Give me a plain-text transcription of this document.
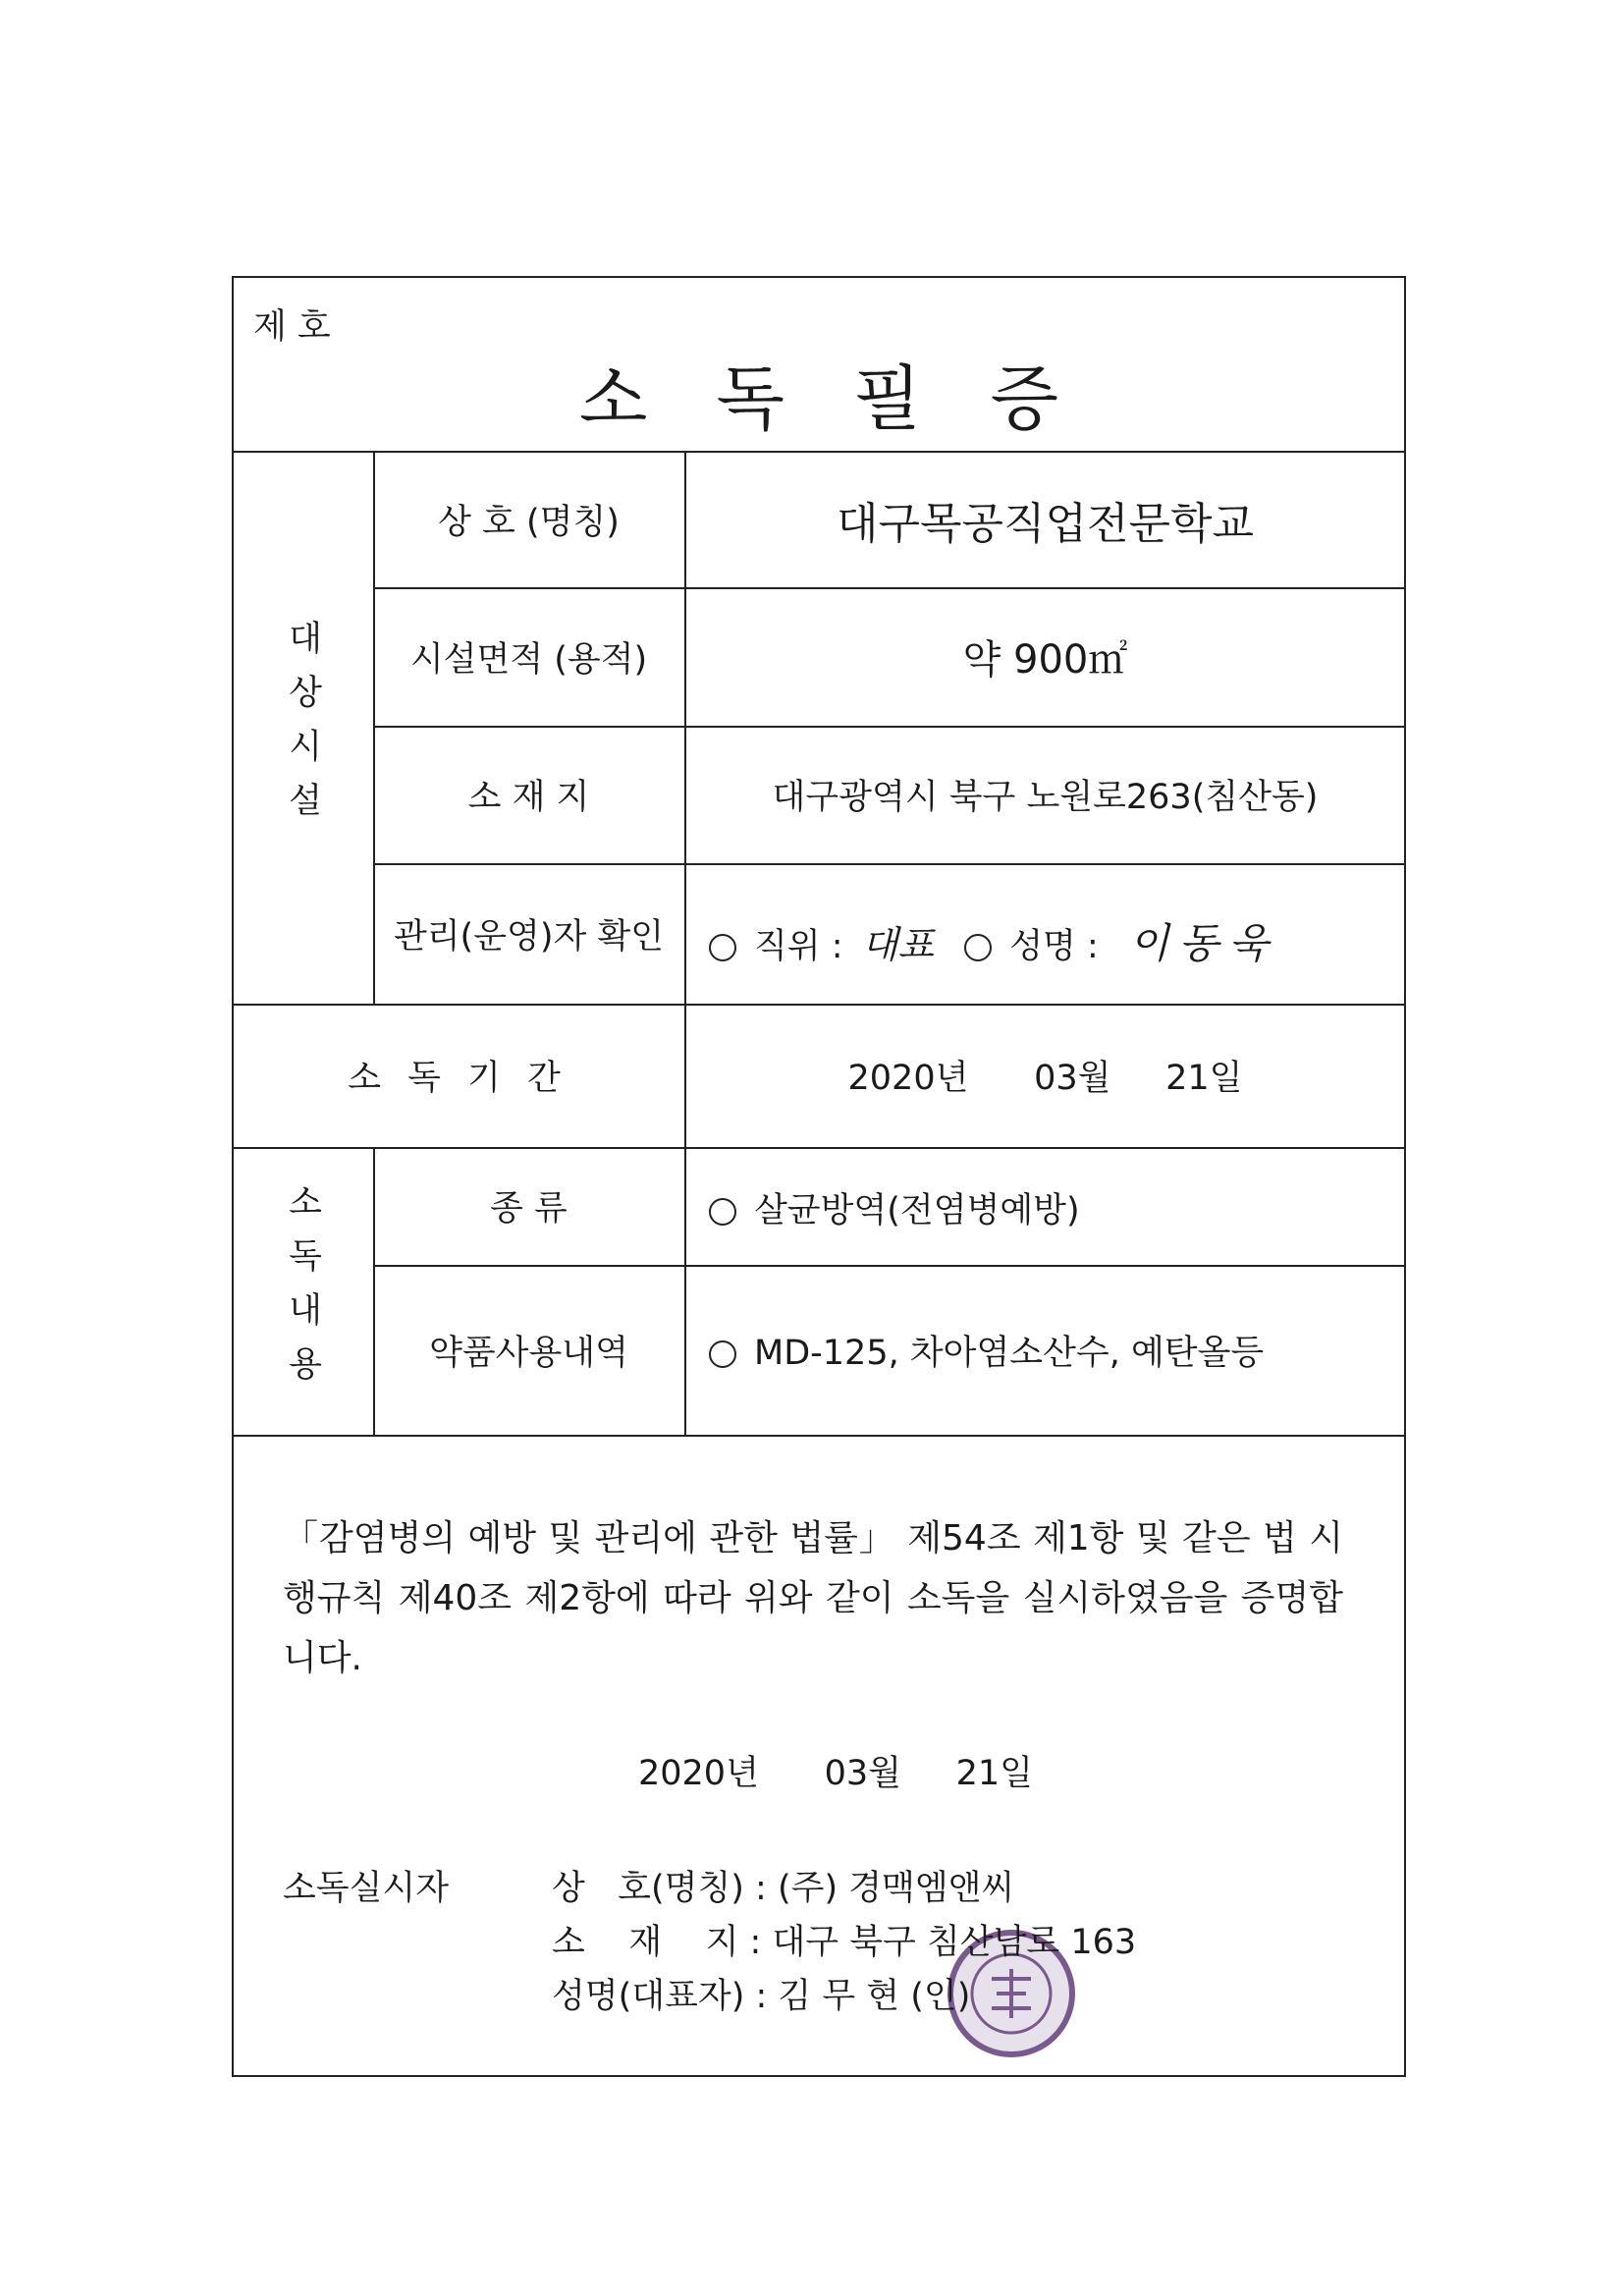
제 호
소독필증
대상시설
상 호 (명칭)	대구목공직업전문학교
시설면적 (용적)	약 900㎡
소 재 지	대구광역시 북구 노원로263(침산동)
관리(운영)자 확인	직위 : 대표 성명 : 이동욱
소 독 기 간	2020년      03월     21일
소독내용	종 류	살균방역(전염병예방)
약품사용내역	MD-125, 차아염소산수, 예탄올등
「감염병의 예방 및 관리에 관한 법률」 제54조 제1항 및 같은 법 시행규칙 제40조 제2항에 따라 위와 같이 소독을 실시하였음을 증명합니다.
2020년      03월     21일
소독실시자	상   호(명칭) : (주) 경맥엠앤씨
소    재    지 : 대구 북구 침산남로 163
성명(대표자) : 김 무 현 (인)
